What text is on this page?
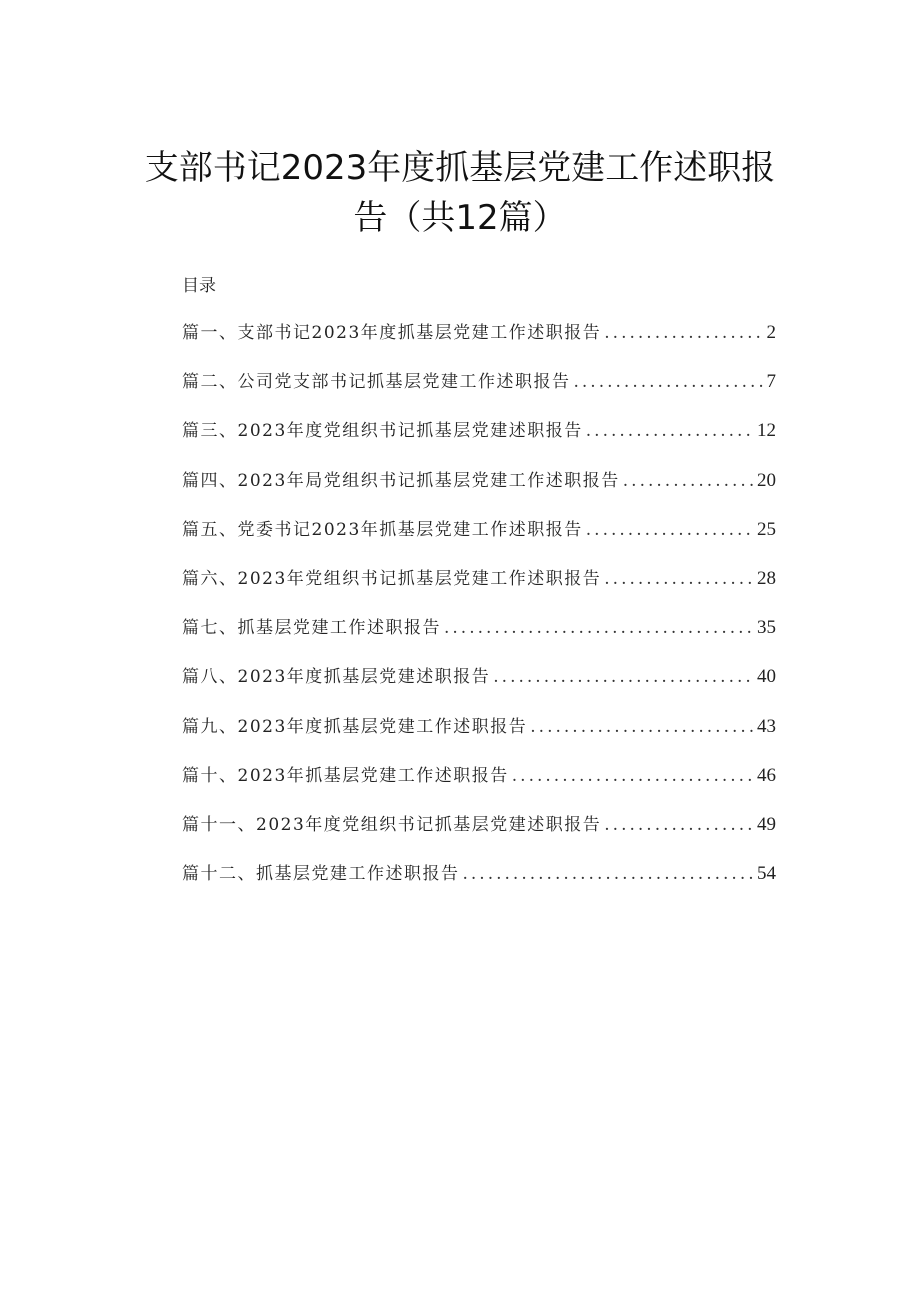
支部书记2023年度抓基层党建工作述职报
告（共12篇）
目录
篇一、支部书记2023年度抓基层党建工作述职报告 .....	2
篇二、公司党支部书记抓基层党建工作述职报告 .....	7
篇三、2023年度党组织书记抓基层党建述职报告 .....	12
篇四、2023年局党组织书记抓基层党建工作述职报告 .....	20
篇五、党委书记2023年抓基层党建工作述职报告 .....	25
篇六、2023年党组织书记抓基层党建工作述职报告 .....	28
篇七、抓基层党建工作述职报告 .....	35
篇八、2023年度抓基层党建述职报告 .....	40
篇九、2023年度抓基层党建工作述职报告 .....	43
篇十、2023年抓基层党建工作述职报告 .....	46
篇十一、2023年度党组织书记抓基层党建述职报告 .....	49
篇十二、抓基层党建工作述职报告 .....	54
